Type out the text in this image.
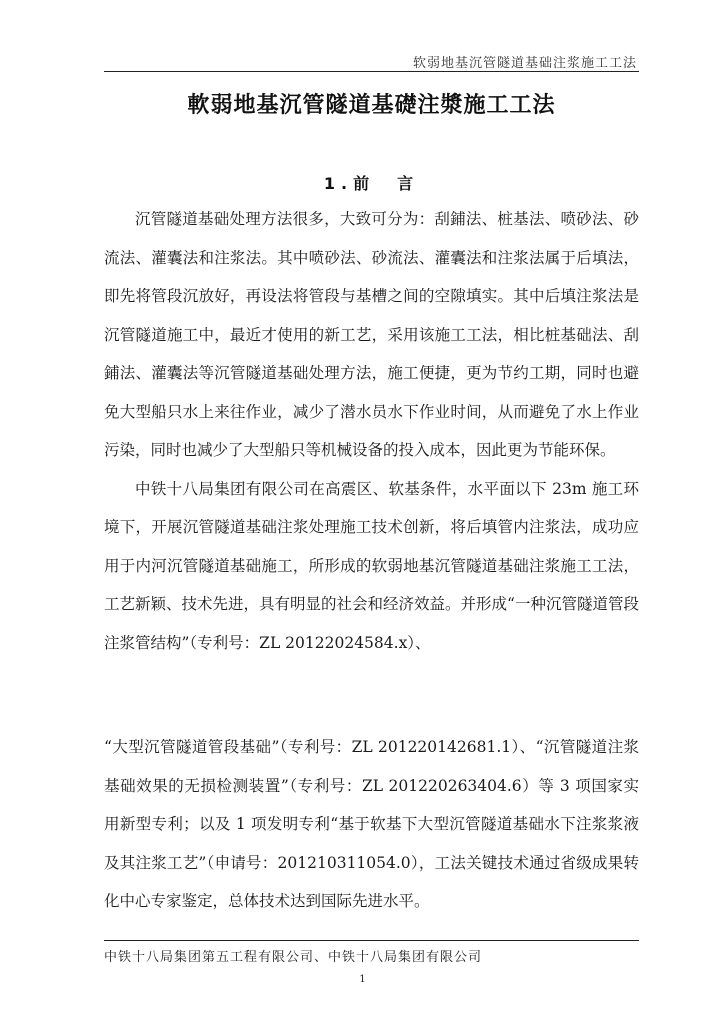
软弱地基沉管隧道基础注浆施工工法
軟弱地基沉管隧道基礎注漿施工工法
1.前　言

沉管隧道基础处理方法很多，大致可分为：刮鋪法、桩基法、喷砂法、砂流法、灌囊法和注浆法。其中喷砂法、砂流法、灌囊法和注浆法属于后填法，即先将管段沉放好，再设法将管段与基槽之间的空隙填实。其中后填注浆法是沉管隧道施工中，最近才使用的新工艺，采用该施工工法，相比桩基础法、刮鋪法、灌囊法等沉管隧道基础处理方法，施工便捷，更为节约工期，同时也避免大型船只水上来往作业，减少了潜水员水下作业时间，从而避免了水上作业污染，同时也减少了大型船只等机械设备的投入成本，因此更为节能环保。

中铁十八局集团有限公司在高震区、软基条件，水平面以下 23m 施工环境下，开展沉管隧道基础注浆处理施工技术创新，将后填管内注浆法，成功应用于内河沉管隧道基础施工，所形成的软弱地基沉管隧道基础注浆施工工法，工艺新颖、技术先进，具有明显的社会和经济效益。并形成“一种沉管隧道管段注浆管结构”（专利号：ZL 20122024584.x）、

“大型沉管隧道管段基础”（专利号：ZL 201220142681.1）、“沉管隧道注浆基础效果的无损检测装置”（专利号：ZL 201220263404.6）等 3 项国家实用新型专利；以及 1 项发明专利“基于软基下大型沉管隧道基础水下注浆浆液及其注浆工艺”（申请号：201210311054.0），工法关键技术通过省级成果转化中心专家鉴定，总体技术达到国际先进水平。

中铁十八局集团第五工程有限公司、中铁十八局集团有限公司
1
